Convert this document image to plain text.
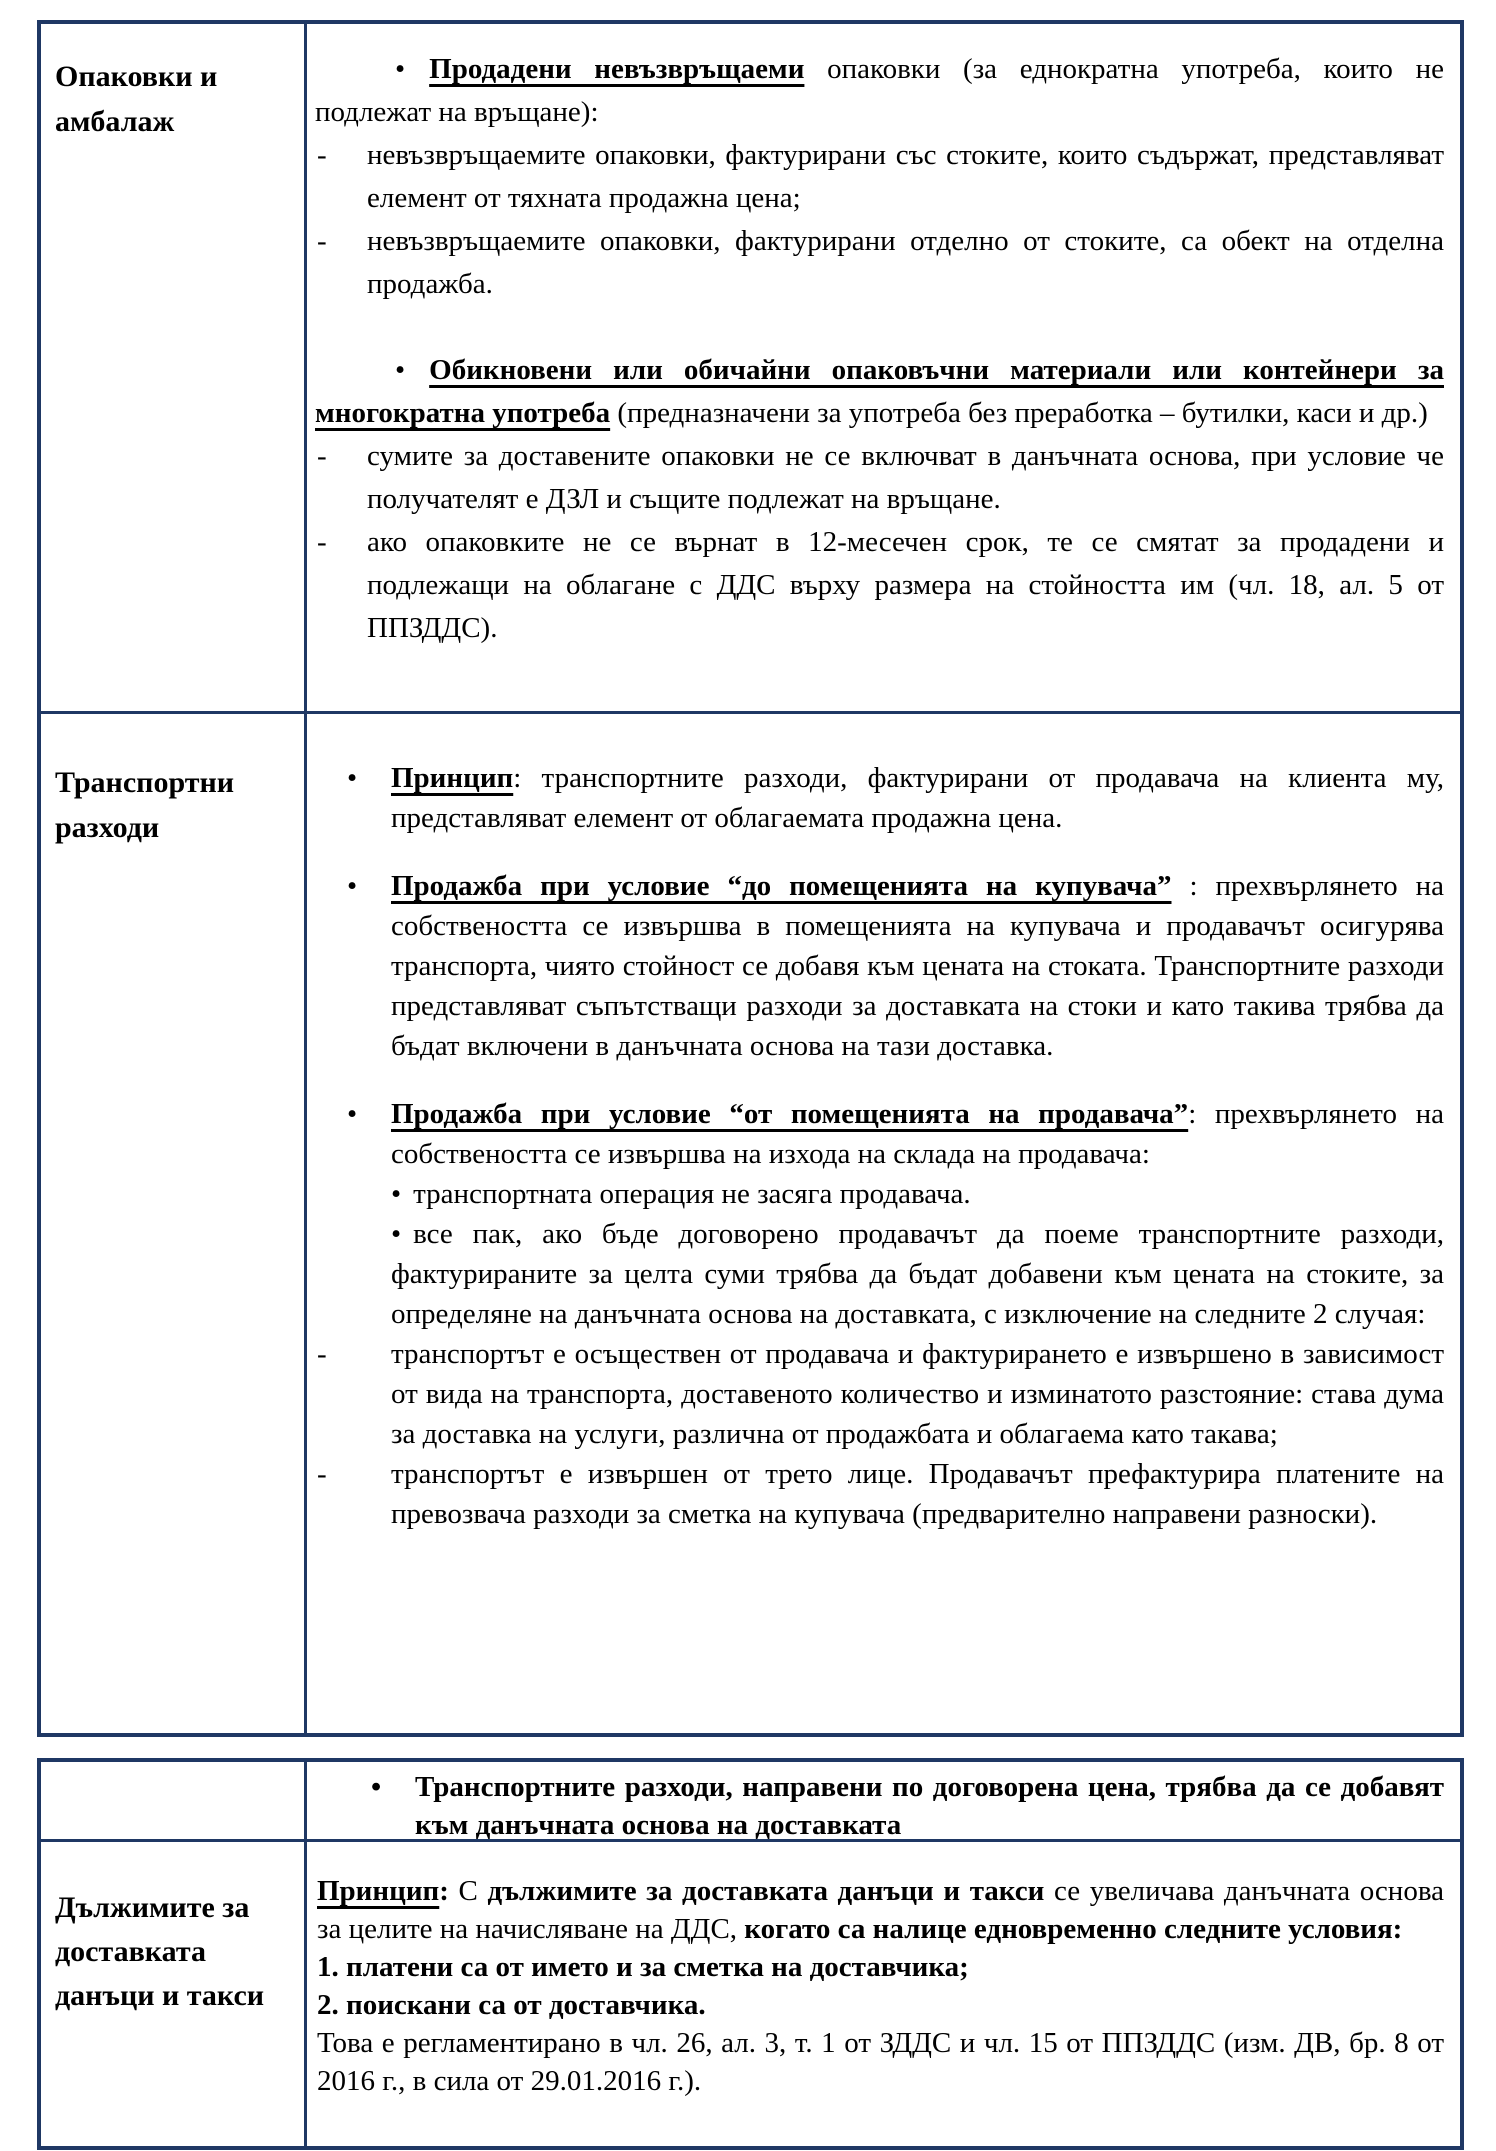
Опаковки и амбалаж

• Продадени невъзвръщаеми опаковки (за еднократна употреба, които не подлежат на връщане):

- невъзвръщаемите опаковки, фактурирани със стоките, които съдържат, представляват елемент от тяхната продажна цена;

- невъзвръщаемите опаковки, фактурирани отделно от стоките, са обект на отделна продажба.

• Обикновени или обичайни опаковъчни материали или контейнери за многократна употреба (предназначени за употреба без преработка – бутилки, каси и др.)

- сумите за доставените опаковки не се включват в данъчната основа, при условие че получателят е ДЗЛ и същите подлежат на връщане.

- ако опаковките не се върнат в 12-месечен срок, те се смятат за продадени и подлежащи на облагане с ДДС върху размера на стойността им (чл. 18, ал. 5 от ППЗДДС).

Транспортни разходи

• Принцип: транспортните разходи, фактурирани от продавача на клиента му, представляват елемент от облагаемата продажна цена.

• Продажба при условие “до помещенията на купувача” : прехвърлянето на собствеността се извършва в помещенията на купувача и продавачът осигурява транспорта, чиято стойност се добавя към цената на стоката. Транспортните разходи представляват съпътстващи разходи за доставката на стоки и като такива трябва да бъдат включени в данъчната основа на тази доставка.

• Продажба при условие “от помещенията на продавача”: прехвърлянето на собствеността се извършва на изхода на склада на продавача:

• транспортната операция не засяга продавача.

• все пак, ако бъде договорено продавачът да поеме транспортните разходи, фактурираните за целта суми трябва да бъдат добавени към цената на стоките, за определяне на данъчната основа на доставката, с изключение на следните 2 случая:

- транспортът е осъществен от продавача и фактурирането е извършено в зависимост от вида на транспорта, доставеното количество и изминатото разстояние: става дума за доставка на услуги, различна от продажбата и облагаема като такава;

- транспортът е извършен от трето лице. Продавачът префактурира платените на превозвача разходи за сметка на купувача (предварително направени разноски).

• Транспортните разходи, направени по договорена цена, трябва да се добавят към данъчната основа на доставката

Дължимите за доставката данъци и такси

Принцип: С дължимите за доставката данъци и такси се увеличава данъчната основа за целите на начисляване на ДДС, когато са налице едновременно следните условия:

1. платени са от името и за сметка на доставчика;

2. поискани са от доставчика.

Това е регламентирано в чл. 26, ал. 3, т. 1 от ЗДДС и чл. 15 от ППЗДДС (изм. ДВ, бр. 8 от 2016 г., в сила от 29.01.2016 г.).
